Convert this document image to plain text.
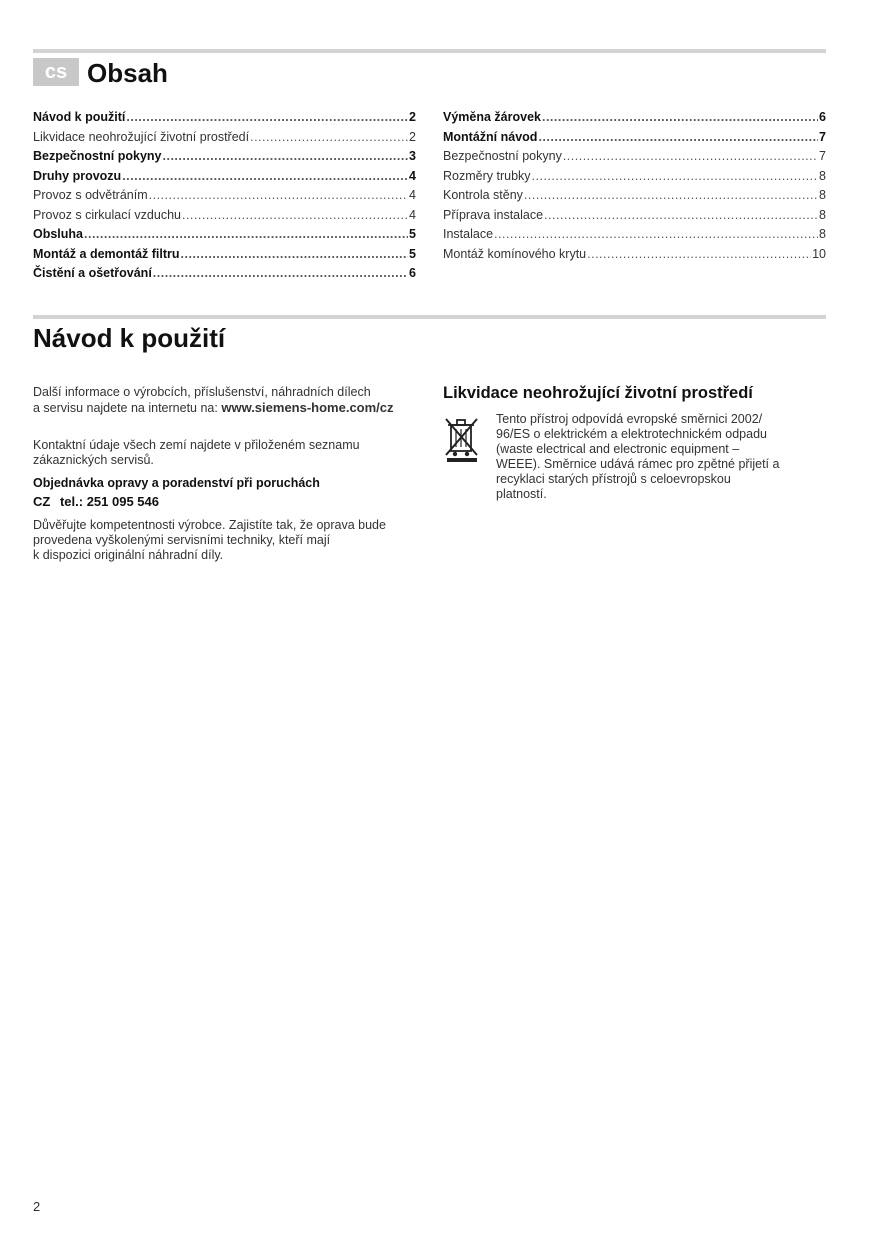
cs Obsah
Návod k použití .....	2
Likvidace neohrožující životní prostředí .....	2
Bezpečnostní pokyny .....	3
Druhy provozu .....	4
Provoz s odvětráním .....	4
Provoz s cirkulací vzduchu .....	4
Obsluha .....	5
Montáž a demontáž filtru .....	5
Čistění a ošetřování .....	6
Výměna žárovek .....	6
Montážní návod .....	7
Bezpečnostní pokyny .....	7
Rozměry trubky .....	8
Kontrola stěny .....	8
Příprava instalace .....	8
Instalace .....	8
Montáž komínového krytu .....	10
Návod k použití
Další informace o výrobcích, příslušenství, náhradních dílech
a servisu najdete na internetu na: www.siemens-home.com/cz
Kontaktní údaje všech zemí najdete v přiloženém seznamu
zákaznických servisů.
Objednávka opravy a poradenství při poruchách
CZ tel.: 251 095 546
Důvěřujte kompetentnosti výrobce. Zajistíte tak, že oprava bude
provedena vyškolenými servisními techniky, kteří mají
k dispozici originální náhradní díly.
Likvidace neohrožující životní prostředí
Tento přístroj odpovídá evropské směrnici 2002/
96/ES o elektrickém a elektrotechnickém odpadu
(waste electrical and electronic equipment –
WEEE). Směrnice udává rámec pro zpětné přijetí a
recyklaci starých přístrojů s celoevropskou
platností.
2
